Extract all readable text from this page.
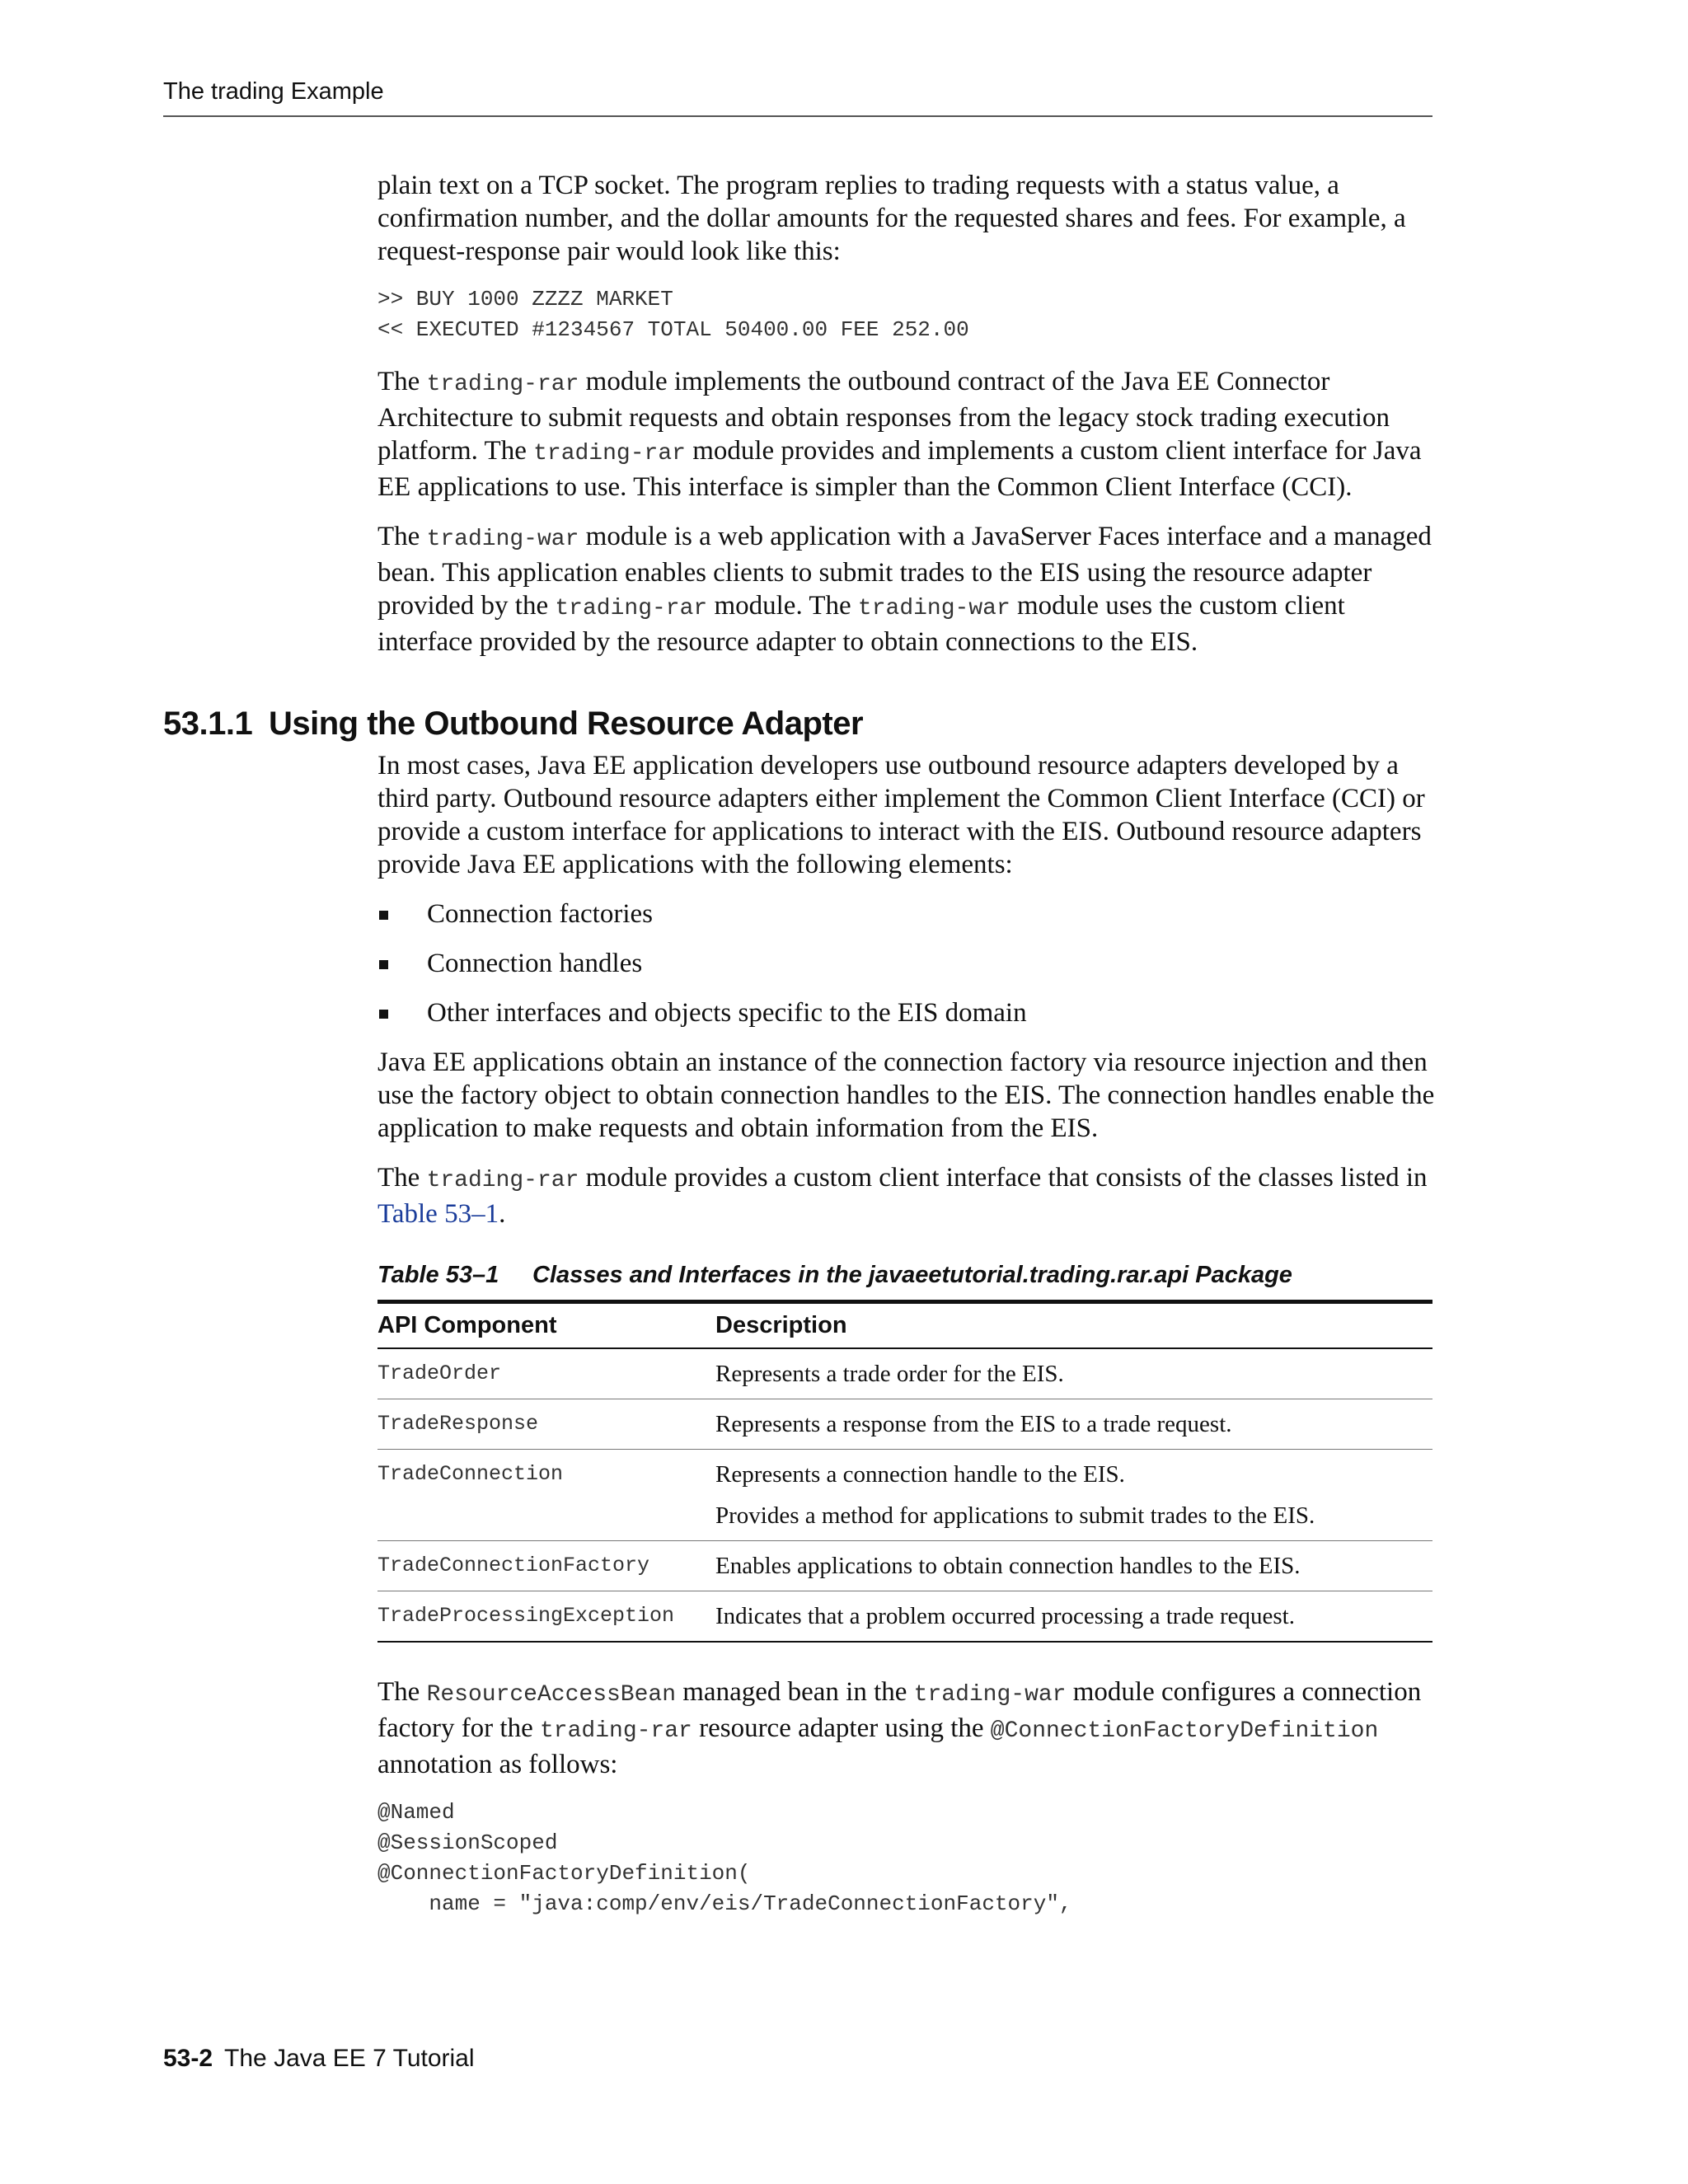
The trading Example

plain text on a TCP socket. The program replies to trading requests with a status value, a confirmation number, and the dollar amounts for the requested shares and fees. For example, a request-response pair would look like this:

>> BUY 1000 ZZZZ MARKET
<< EXECUTED #1234567 TOTAL 50400.00 FEE 252.00

The trading-rar module implements the outbound contract of the Java EE Connector Architecture to submit requests and obtain responses from the legacy stock trading execution platform. The trading-rar module provides and implements a custom client interface for Java EE applications to use. This interface is simpler than the Common Client Interface (CCI).

The trading-war module is a web application with a JavaServer Faces interface and a managed bean. This application enables clients to submit trades to the EIS using the resource adapter provided by the trading-rar module. The trading-war module uses the custom client interface provided by the resource adapter to obtain connections to the EIS.

53.1.1 Using the Outbound Resource Adapter

In most cases, Java EE application developers use outbound resource adapters developed by a third party. Outbound resource adapters either implement the Common Client Interface (CCI) or provide a custom interface for applications to interact with the EIS. Outbound resource adapters provide Java EE applications with the following elements:

Connection factories
Connection handles
Other interfaces and objects specific to the EIS domain

Java EE applications obtain an instance of the connection factory via resource injection and then use the factory object to obtain connection handles to the EIS. The connection handles enable the application to make requests and obtain information from the EIS.

The trading-rar module provides a custom client interface that consists of the classes listed in Table 53–1.

Table 53–1 Classes and Interfaces in the javaeetutorial.trading.rar.api Package
API Component	Description
TradeOrder	Represents a trade order for the EIS.

TradeResponse	Represents a response from the EIS to a trade request.

TradeConnection	Represents a connection handle to the EIS.
Provides a method for applications to submit trades to the EIS.

TradeConnectionFactory	Enables applications to obtain connection handles to the EIS.

TradeProcessingException	Indicates that a problem occurred processing a trade request.

The ResourceAccessBean managed bean in the trading-war module configures a connection factory for the trading-rar resource adapter using the @ConnectionFactoryDefinition annotation as follows:

@Named
@SessionScoped
@ConnectionFactoryDefinition(
name = "java:comp/env/eis/TradeConnectionFactory",
53-2 The Java EE 7 Tutorial
